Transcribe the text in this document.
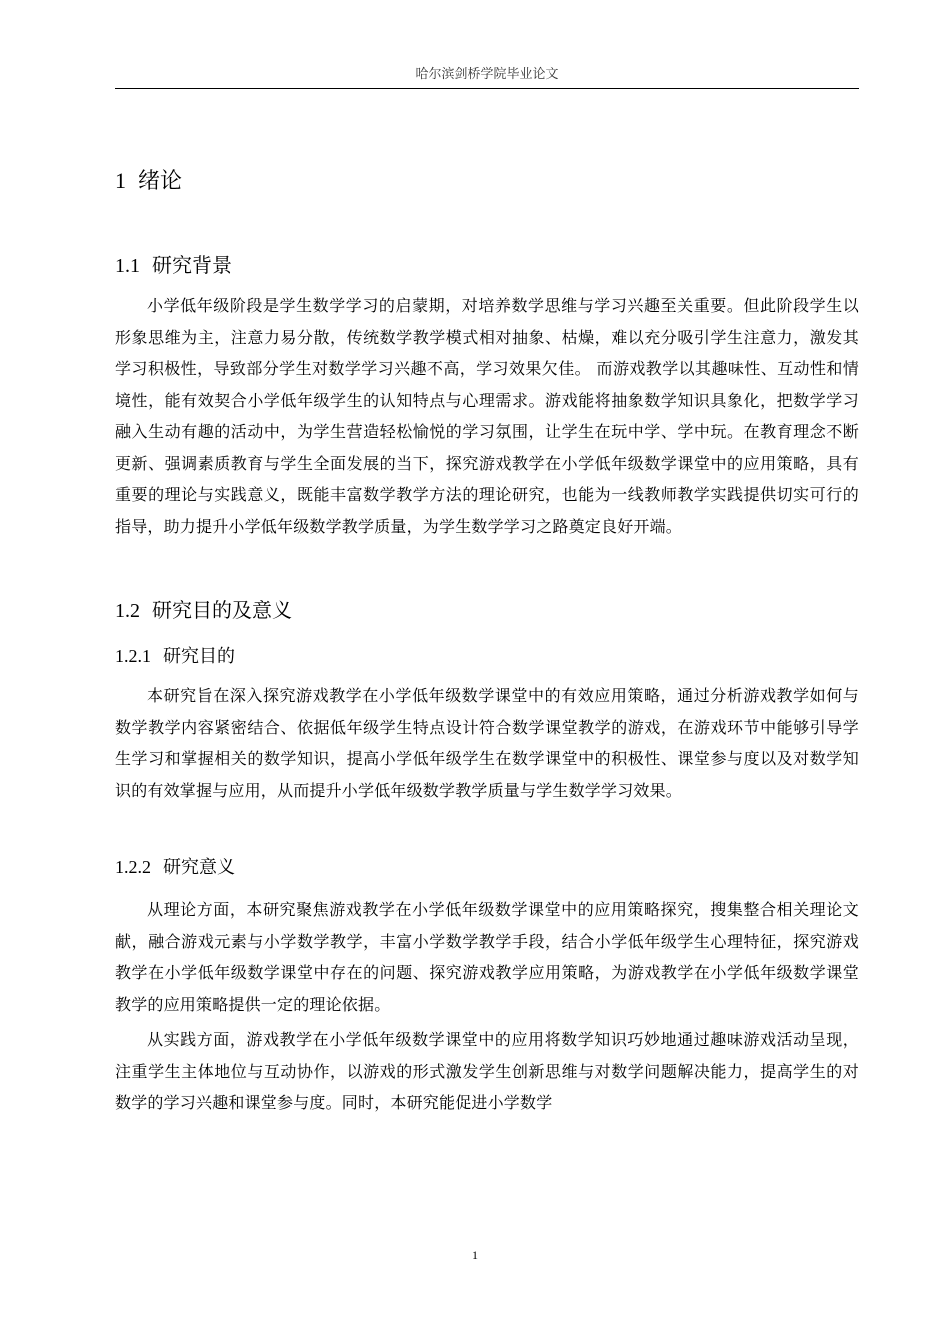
哈尔滨剑桥学院毕业论文
1 绪论
1.1 研究背景

小学低年级阶段是学生数学学习的启蒙期，对培养数学思维与学习兴趣至关重要。但此阶段学生以形象思维为主，注意力易分散，传统数学教学模式相对抽象、枯燥，难以充分吸引学生注意力，激发其学习积极性，导致部分学生对数学学习兴趣不高，学习效果欠佳。 而游戏教学以其趣味性、互动性和情境性，能有效契合小学低年级学生的认知特点与心理需求。游戏能将抽象数学知识具象化，把数学学习融入生动有趣的活动中，为学生营造轻松愉悦的学习氛围，让学生在玩中学、学中玩。在教育理念不断更新、强调素质教育与学生全面发展的当下，探究游戏教学在小学低年级数学课堂中的应用策略，具有重要的理论与实践意义，既能丰富数学教学方法的理论研究，也能为一线教师教学实践提供切实可行的指导，助力提升小学低年级数学教学质量，为学生数学学习之路奠定良好开端。

1.2 研究目的及意义
1.2.1 研究目的

本研究旨在深入探究游戏教学在小学低年级数学课堂中的有效应用策略，通过分析游戏教学如何与数学教学内容紧密结合、依据低年级学生特点设计符合数学课堂教学的游戏，在游戏环节中能够引导学生学习和掌握相关的数学知识，提高小学低年级学生在数学课堂中的积极性、课堂参与度以及对数学知识的有效掌握与应用，从而提升小学低年级数学教学质量与学生数学学习效果。

1.2.2 研究意义

从理论方面，本研究聚焦游戏教学在小学低年级数学课堂中的应用策略探究，搜集整合相关理论文献，融合游戏元素与小学数学教学，丰富小学数学教学手段，结合小学低年级学生心理特征，探究游戏教学在小学低年级数学课堂中存在的问题、探究游戏教学应用策略，为游戏教学在小学低年级数学课堂教学的应用策略提供一定的理论依据。

从实践方面，游戏教学在小学低年级数学课堂中的应用将数学知识巧妙地通过趣味游戏活动呈现，注重学生主体地位与互动协作，以游戏的形式激发学生创新思维与对数学问题解决能力，提高学生的对数学的学习兴趣和课堂参与度。同时，本研究能促进小学数学

1
